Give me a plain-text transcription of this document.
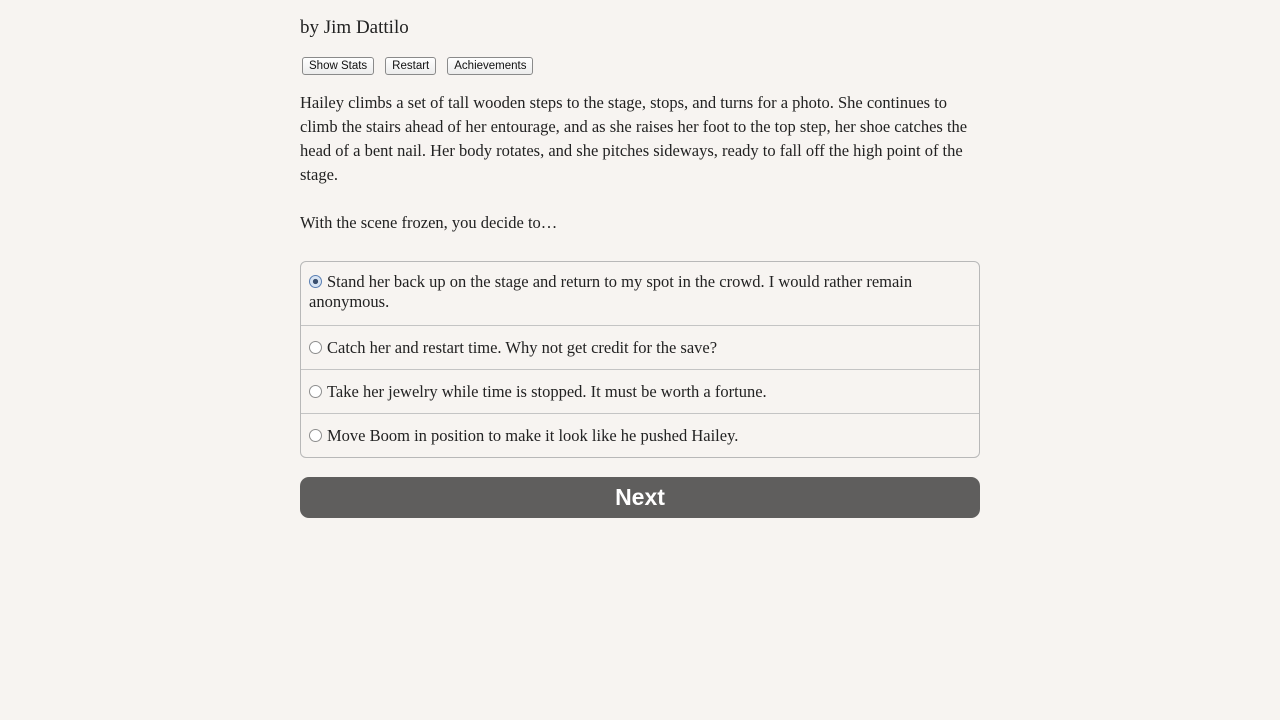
by Jim Dattilo
Show Stats	Restart	Achievements

Hailey climbs a set of tall wooden steps to the stage, stops, and turns for a photo. She continues to climb the stairs ahead of her entourage, and as she raises her foot to the top step, her shoe catches the head of a bent nail. Her body rotates, and she pitches sideways, ready to fall off the high point of the stage.

With the scene frozen, you decide to…
Stand her back up on the stage and return to my spot in the crowd. I would rather remain anonymous.
Catch her and restart time. Why not get credit for the save?
Take her jewelry while time is stopped. It must be worth a fortune.
Move Boom in position to make it look like he pushed Hailey.
Next
